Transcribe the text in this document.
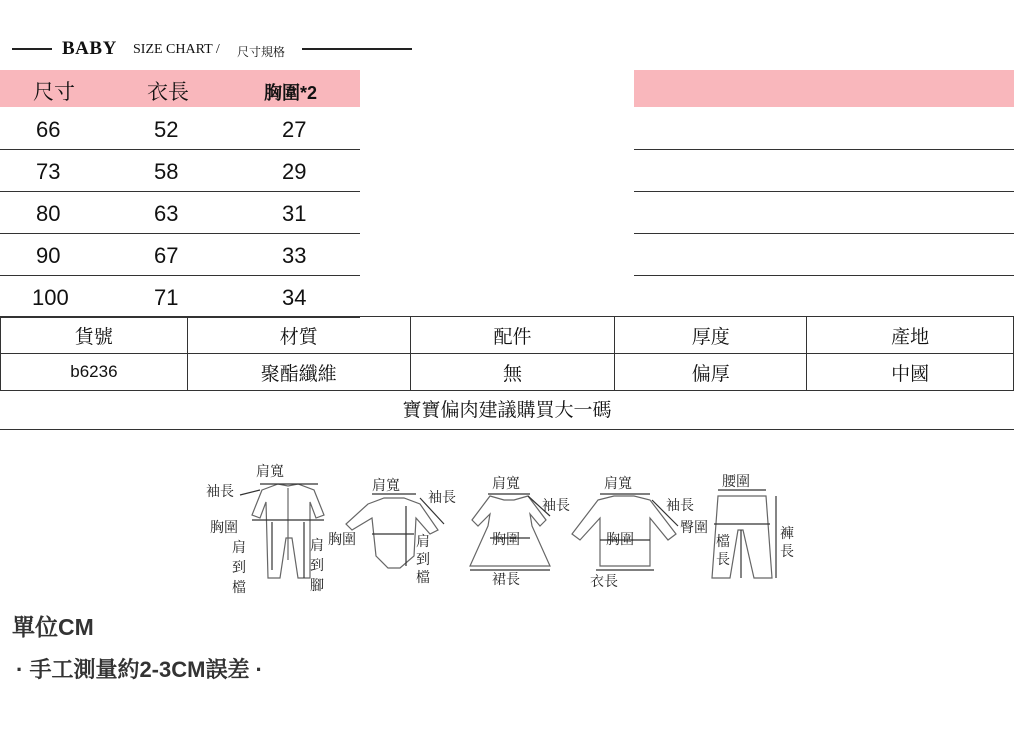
BABY SIZE CHART / 尺寸規格
尺寸	衣長	胸圍*2
66	52	27
73	58	29
80	63	31
90	67	33
100	71	34
貨號	材質	配件	厚度	產地
b6236	聚酯纖維	無	偏厚	中國
寶寶偏肉建議購買大一碼
肩寬
袖長
胸圍
肩
到
檔
肩
到
腳
肩寬
袖長
胸圍	肩
到
檔
肩寬
袖長
胸圍
裙長
肩寬
袖長
胸圍
衣長
腰圍
臀圍
檔
長
褲
長
單位CM
· 手工測量約2-3CM誤差 ·
